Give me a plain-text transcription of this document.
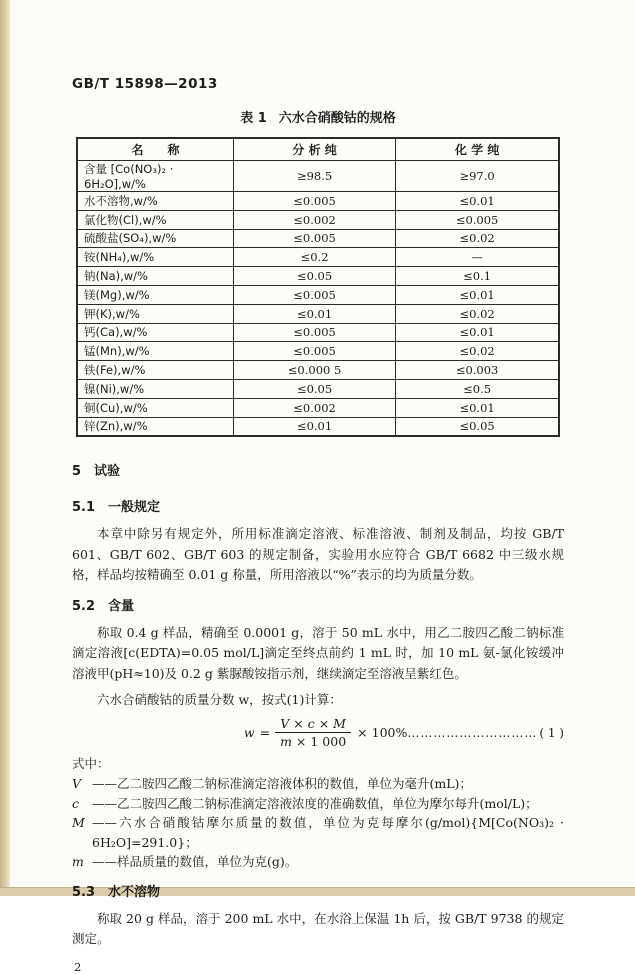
GB/T 15898—2013
表 1 六水合硝酸钴的规格
名　　称	分 析 纯	化 学 纯
含量 [Co(NO₃)₂ · 6H₂O],w/%	≥98.5	≥97.0
水不溶物,w/%	≤0.005	≤0.01
氯化物(Cl),w/%	≤0.002	≤0.005
硫酸盐(SO₄),w/%	≤0.005	≤0.02
铵(NH₄),w/%	≤0.2	—
钠(Na),w/%	≤0.05	≤0.1
镁(Mg),w/%	≤0.005	≤0.01
钾(K),w/%	≤0.01	≤0.02
钙(Ca),w/%	≤0.005	≤0.01
锰(Mn),w/%	≤0.005	≤0.02
铁(Fe),w/%	≤0.000 5	≤0.003
镍(Ni),w/%	≤0.05	≤0.5
铜(Cu),w/%	≤0.002	≤0.01
锌(Zn),w/%	≤0.01	≤0.05
5 试验
5.1 一般规定
本章中除另有规定外，所用标准滴定溶液、标准溶液、制剂及制品，均按 GB/T 601、GB/T 602、GB/T 603 的规定制备，实验用水应符合 GB/T 6682 中三级水规格，样品均按精确至 0.01 g 称量，所用溶液以“%”表示的均为质量分数。
5.2 含量
称取 0.4 g 样品，精确至 0.0001 g，溶于 50 mL 水中，用乙二胺四乙酸二钠标准滴定溶液[c(EDTA)=0.05 mol/L]滴定至终点前约 1 mL 时，加 10 mL 氨-氯化铵缓冲溶液甲(pH≈10)及 0.2 g 紫脲酸铵指示剂，继续滴定至溶液呈紫红色。
六水合硝酸钴的质量分数 w，按式(1)计算：
$w = \frac{V \times c \times M}{m \times 1 000} \times 100\%$ ………………………… ( 1 )
式中：
V ——乙二胺四乙酸二钠标准滴定溶液体积的数值，单位为毫升(mL)；
c	——乙二胺四乙酸二钠标准滴定溶液浓度的准确数值，单位为摩尔每升(mol/L)；
M ——六水合硝酸钴摩尔质量的数值，单位为克每摩尔(g/mol){M[Co(NO₃)₂ · 6H₂O]=291.0}；
m ——样品质量的数值，单位为克(g)。
5.3 水不溶物
称取 20 g 样品，溶于 200 mL 水中，在水浴上保温 1h 后，按 GB/T 9738 的规定测定。
2
